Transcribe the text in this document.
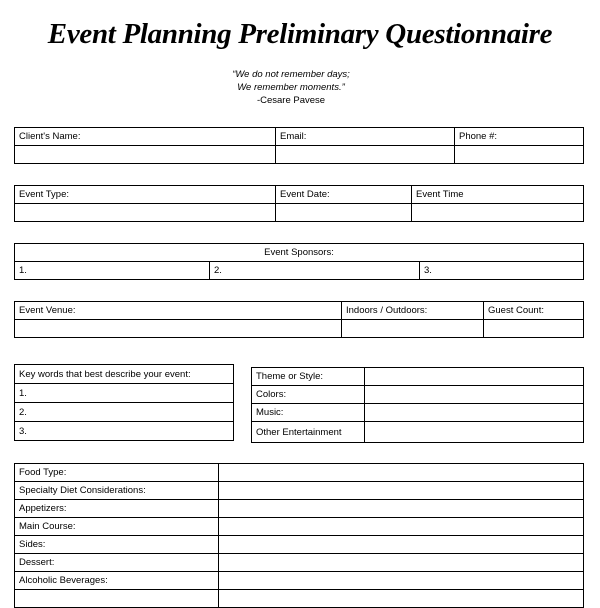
Event Planning Preliminary Questionnaire
“We do not remember days;
We remember moments.”
-Cesare Pavese
Client's Name:	Email:	Phone #:

Event Type:	Event Date:	Event Time

Event Sponsors:
1.	2.	3.
Event Venue:	Indoors / Outdoors:	Guest Count:

Key words that best describe your event:
1.
2.
3.
Theme or Style:	
Colors:	
Music:	
Other Entertainment	
Food Type:	
Specialty Diet Considerations:	
Appetizers:	
Main Course:	
Sides:	
Dessert:	
Alcoholic Beverages:	
